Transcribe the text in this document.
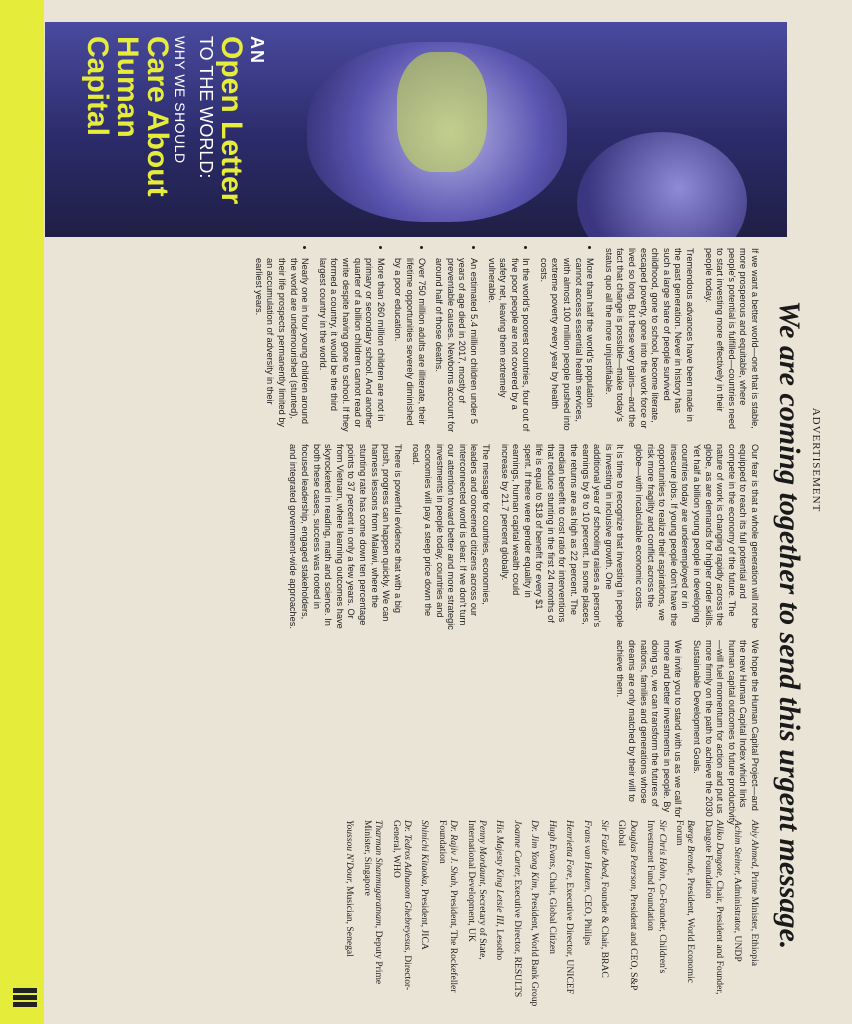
AN
Open Letter
TO THE WORLD:
WHY WE SHOULD
Care About
Human Capital
ADVERTISEMENT
We are coming together to send this urgent message.

If we want a better world—one that is stable, more prosperous and equitable, where people's potential is fulfilled—countries need to start investing more effectively in their people today.

Tremendous advances have been made in the past generation. Never in history has such a large share of people survived childhood, gone to school, become literate, escaped poverty, gone into the work force or lived so long. But these very gains—and the fact that change is possible—make today's status quo all the more unjustifiable.

• More than half the world's population cannot access essential health services, with almost 100 million people pushed into extreme poverty every year by health costs.
• In the world's poorest countries, four out of five poor people are not covered by a safety net, leaving them extremely vulnerable.
• An estimated 5.4 million children under 5 years of age died in 2017, mostly of preventable causes. Newborns account for around half of those deaths.
• Over 750 million adults are illiterate, their lifetime opportunities severely diminished by a poor education.
• More than 260 million children are not in primary or secondary school. And another quarter of a billion children cannot read or write despite having gone to school. If they formed a country, it would be the third largest country in the world.
• Nearly one in four young children around the world are undernourished (stunted), their life prospects permanently limited by an accumulation of adversity in their earliest years.

Our fear is that a whole generation will not be equipped to reach its full potential and compete in the economy of the future. The nature of work is changing rapidly across the globe, as are demands for higher order skills. Yet half a billion young people in developing countries today are underemployed or in insecure jobs. If young people don't have the opportunities to realize their aspirations, we risk more fragility and conflict across the globe—with incalculable economic costs.

It is time to recognize that investing in people is investing in inclusive growth. One additional year of schooling raises a person's earnings by 8 to 10 percent. In some places, the returns are as high as 22 percent. The median benefit to cost ratio for interventions that reduce stunting in the first 24 months of life is equal to $18 of benefit for every $1 spent. If there were gender equality in earnings, human capital wealth could increase by 21.7 percent globally.

The message for countries, economies, leaders and concerned citizens across our interconnected world is clear: If we don't turn our attention toward better and more strategic investments in people today, countries and economies will pay a steep price down the road.

There is powerful evidence that with a big push, progress can happen quickly. We can harness lessons from Malawi, where the stunting rate has come down ten percentage points to 37 percent in only a few years. Or from Vietnam, where learning outcomes have skyrocketed in reading, math and science. In both these cases, success was rooted in focused leadership, engaged stakeholders, and integrated government-wide approaches.

We hope the Human Capital Project—and the new Human Capital Index which links human capital outcomes to future productivity—will fuel momentum for action and put us more firmly on the path to achieve the 2030 Sustainable Development Goals.

We invite you to stand with us as we call for more and better investments in people. By doing so, we can transform the futures of nations, families and generations whose dreams are only matched by their will to achieve them.

Abiy Ahmed, Prime Minister, Ethiopia
Achim Steiner, Administrator, UNDP
Aliko Dangote, Chair, President and Founder, Dangote Foundation
Børge Brende, President, World Economic Forum
Sir Chris Hohn, Co-Founder, Children's Investment Fund Foundation
Douglas Peterson, President and CEO, S&P Global
Sir Fazle Abed, Founder & Chair, BRAC
Frans van Houten, CEO, Philips
Henrietta Fore, Executive Director, UNICEF
Hugh Evans, Chair, Global Citizen
Dr. Jim Yong Kim, President, World Bank Group
Joanne Carter, Executive Director, RESULTS
His Majesty King Letsie III, Lesotho
Penny Mordaunt, Secretary of State, International Development, UK
Dr. Rajiv J. Shah, President, The Rockefeller Foundation
Shinichi Kitaoka, President, JICA
Dr. Tedros Adhanom Ghebreyesus, Director-General, WHO
Tharman Shanmugaratnam, Deputy Prime Minister, Singapore
Youssou N'Dour, Musician, Senegal
